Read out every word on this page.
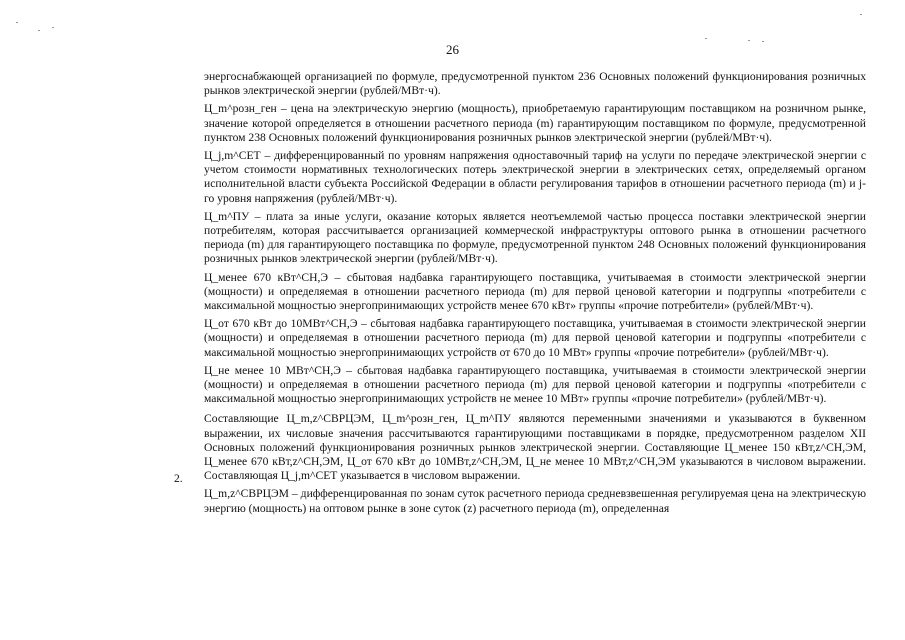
26

энергоснабжающей организацией по формуле, предусмотренной пунктом 236 Основных положений функционирования розничных рынков электрической энергии (рублей/МВт·ч).

Ц_m^розн_ген – цена на электрическую энергию (мощность), приобретаемую гарантирующим поставщиком на розничном рынке, значение которой определяется в отношении расчетного периода (m) гарантирующим поставщиком по формуле, предусмотренной пунктом 238 Основных положений функционирования розничных рынков электрической энергии (рублей/МВт·ч).

Ц_j,m^СЕТ – дифференцированный по уровням напряжения одноставочный тариф на услуги по передаче электрической энергии с учетом стоимости нормативных технологических потерь электрической энергии в электрических сетях, определяемый органом исполнительной власти субъекта Российской Федерации в области регулирования тарифов в отношении расчетного периода (m) и j-го уровня напряжения (рублей/МВт·ч).

Ц_m^ПУ – плата за иные услуги, оказание которых является неотъемлемой частью процесса поставки электрической энергии потребителям, которая рассчитывается организацией коммерческой инфраструктуры оптового рынка в отношении расчетного периода (m) для гарантирующего поставщика по формуле, предусмотренной пунктом 248 Основных положений функционирования розничных рынков электрической энергии (рублей/МВт·ч).

Ц_менее 670 кВт^СН,Э – сбытовая надбавка гарантирующего поставщика, учитываемая в стоимости электрической энергии (мощности) и определяемая в отношении расчетного периода (m) для первой ценовой категории и подгруппы «потребители с максимальной мощностью энергопринимающих устройств менее 670 кВт» группы «прочие потребители» (рублей/МВт·ч).

Ц_от 670 кВт до 10МВт^СН,Э – сбытовая надбавка гарантирующего поставщика, учитываемая в стоимости электрической энергии (мощности) и определяемая в отношении расчетного периода (m) для первой ценовой категории и подгруппы «потребители с максимальной мощностью энергопринимающих устройств от 670 до 10 МВт» группы «прочие потребители» (рублей/МВт·ч).

Ц_не менее 10 МВт^СН,Э – сбытовая надбавка гарантирующего поставщика, учитываемая в стоимости электрической энергии (мощности) и определяемая в отношении расчетного периода (m) для первой ценовой категории и подгруппы «потребители с максимальной мощностью энергопринимающих устройств не менее 10 МВт» группы «прочие потребители» (рублей/МВт·ч).

Составляющие Ц_m,z^СВРЦЭМ, Ц_m^розн_ген, Ц_m^ПУ являются переменными значениями и указываются в буквенном выражении, их числовые значения рассчитываются гарантирующими поставщиками в порядке, предусмотренном разделом XII Основных положений функционирования розничных рынков электрической энергии. Составляющие Ц_менее 150 кВт,z^СН,ЭМ, Ц_менее 670 кВт,z^СН,ЭМ, Ц_от 670 кВт до 10МВт,z^СН,ЭМ, Ц_не менее 10 МВт,z^СН,ЭМ указываются в числовом выражении. Составляющая Ц_j,m^СЕТ указывается в числовом выражении.

Ц_m,z^СВРЦЭМ – дифференцированная по зонам суток расчетного периода средневзвешенная регулируемая цена на электрическую энергию (мощность) на оптовом рынке в зоне суток (z) расчетного периода (m), определенная

2.
